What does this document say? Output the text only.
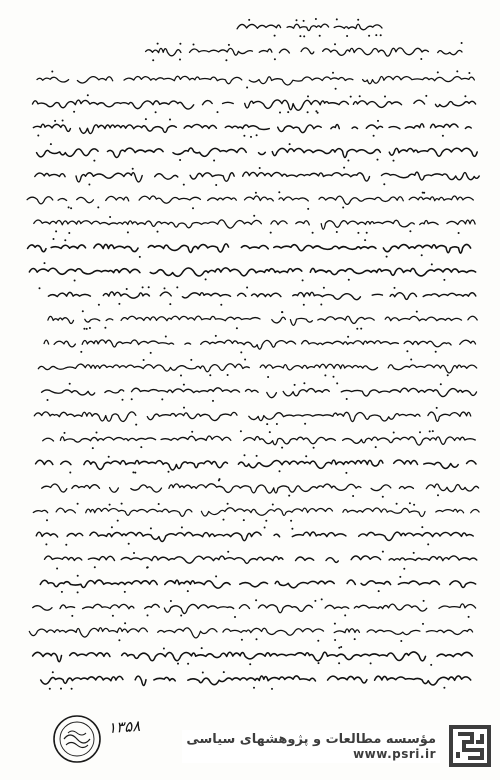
۱۳۵۸
مؤسسه مطالعات و پژوهشهای سیاسی
www.psri.ir
